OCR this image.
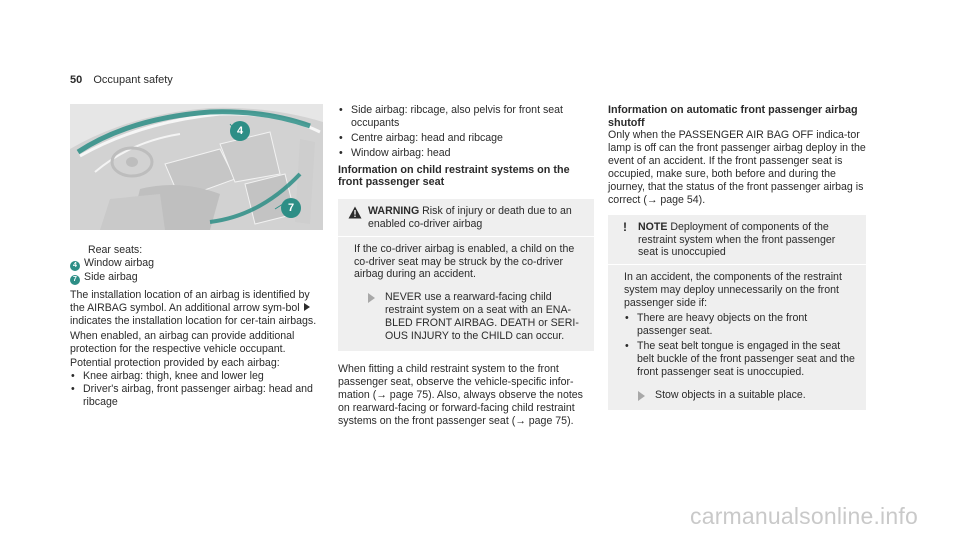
50 Occupant safety
4
7

Rear seats:

4 Window airbag

7 Side airbag

The installation location of an airbag is identified by the AIRBAG symbol. An additional arrow sym-bol  indicates the installation location for cer-tain airbags.

When enabled, an airbag can provide additional protection for the respective vehicle occupant.

Potential protection provided by each airbag:

• Knee airbag: thigh, knee and lower leg
• Driver's airbag, front passenger airbag: head and ribcage
• Side airbag: ribcage, also pelvis for front seat occupants
• Centre airbag: head and ribcage
• Window airbag: head
Information on child restraint systems on the front passenger seat
WARNING Risk of injury or death due to an enabled co-driver airbag

If the co-driver airbag is enabled, a child on the co-driver seat may be struck by the co-driver airbag during an accident.

NEVER use a rearward-facing child restraint system on a seat with an ENA-BLED FRONT AIRBAG. DEATH or SERI-OUS INJURY to the CHILD can occur.

When fitting a child restraint system to the front passenger seat, observe the vehicle-specific infor-mation (→ page 75). Also, always observe the notes on rearward-facing or forward-facing child restraint systems on the front passenger seat (→ page 75).

Information on automatic front passenger airbag shutoff

Only when the PASSENGER AIR BAG OFF indica-tor lamp is off can the front passenger airbag deploy in the event of an accident. If the front passenger seat is occupied, make sure, both before and during the journey, that the status of the front passenger airbag is correct (→ page 54).

!	NOTE Deployment of components of the restraint system when the front passenger seat is unoccupied

In an accident, the components of the restraint system may deploy unnecessarily on the front passenger side if:

• There are heavy objects on the front passenger seat.
• The seat belt tongue is engaged in the seat belt buckle of the front passenger seat and the front passenger seat is unoccupied.

Stow objects in a suitable place.

carmanualsonline.info
